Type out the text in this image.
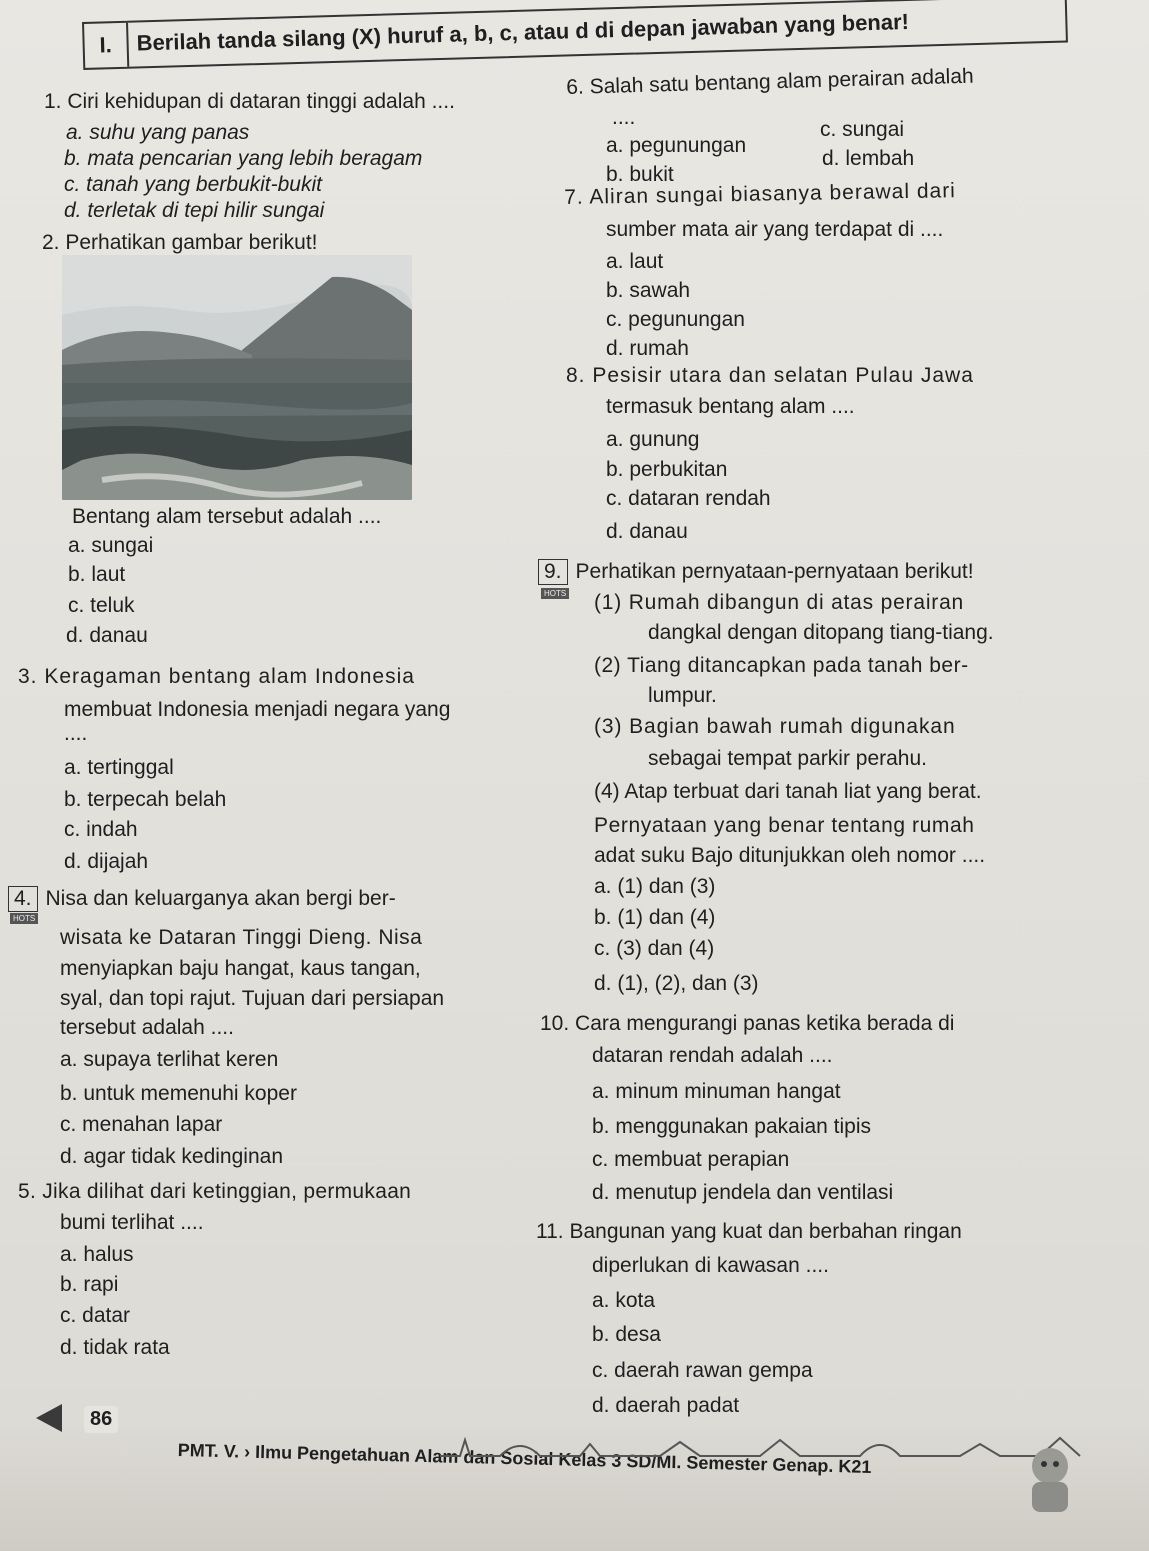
I.	Berilah tanda silang (X) huruf a, b, c, atau d di depan jawaban yang benar!
1. Ciri kehidupan di dataran tinggi adalah ....
a. suhu yang panas
b. mata pencarian yang lebih beragam
c. tanah yang berbukit-bukit
d. terletak di tepi hilir sungai
2. Perhatikan gambar berikut!
Bentang alam tersebut adalah ....
a. sungai
b. laut
c. teluk
d. danau
3. Keragaman bentang alam Indonesia
membuat Indonesia menjadi negara yang
....
a. tertinggal
b. terpecah belah
c. indah
d. dijajah
4. Nisa dan keluarganya akan bergi ber-
HOTS
wisata ke Dataran Tinggi Dieng. Nisa
menyiapkan baju hangat, kaus tangan,
syal, dan topi rajut. Tujuan dari persiapan
tersebut adalah ....
a. supaya terlihat keren
b. untuk memenuhi koper
c. menahan lapar
d. agar tidak kedinginan
5. Jika dilihat dari ketinggian, permukaan
bumi terlihat ....
a. halus
b. rapi
c. datar
d. tidak rata
6. Salah satu bentang alam perairan adalah
....
a. pegunungan
b. bukit
c. sungai
d. lembah
7. Aliran sungai biasanya berawal dari
sumber mata air yang terdapat di ....
a. laut
b. sawah
c. pegunungan
d. rumah
8. Pesisir utara dan selatan Pulau Jawa
termasuk bentang alam ....
a. gunung
b. perbukitan
c. dataran rendah
d. danau
9. Perhatikan pernyataan-pernyataan berikut!
HOTS (1) Rumah dibangun di atas perairan
dangkal dengan ditopang tiang-tiang.
(2) Tiang ditancapkan pada tanah ber-
lumpur.
(3) Bagian bawah rumah digunakan
sebagai tempat parkir perahu.
(4) Atap terbuat dari tanah liat yang berat.
Pernyataan yang benar tentang rumah
adat suku Bajo ditunjukkan oleh nomor ....
a. (1) dan (3)
b. (1) dan (4)
c. (3) dan (4)
d. (1), (2), dan (3)
10. Cara mengurangi panas ketika berada di
dataran rendah adalah ....
a. minum minuman hangat
b. menggunakan pakaian tipis
c. membuat perapian
d. menutup jendela dan ventilasi
11. Bangunan yang kuat dan berbahan ringan
diperlukan di kawasan ....
a. kota
b. desa
c. daerah rawan gempa
d. daerah padat
86
PMT. V. › Ilmu Pengetahuan Alam dan Sosial Kelas 3 SD/MI. Semester Genap. K21
